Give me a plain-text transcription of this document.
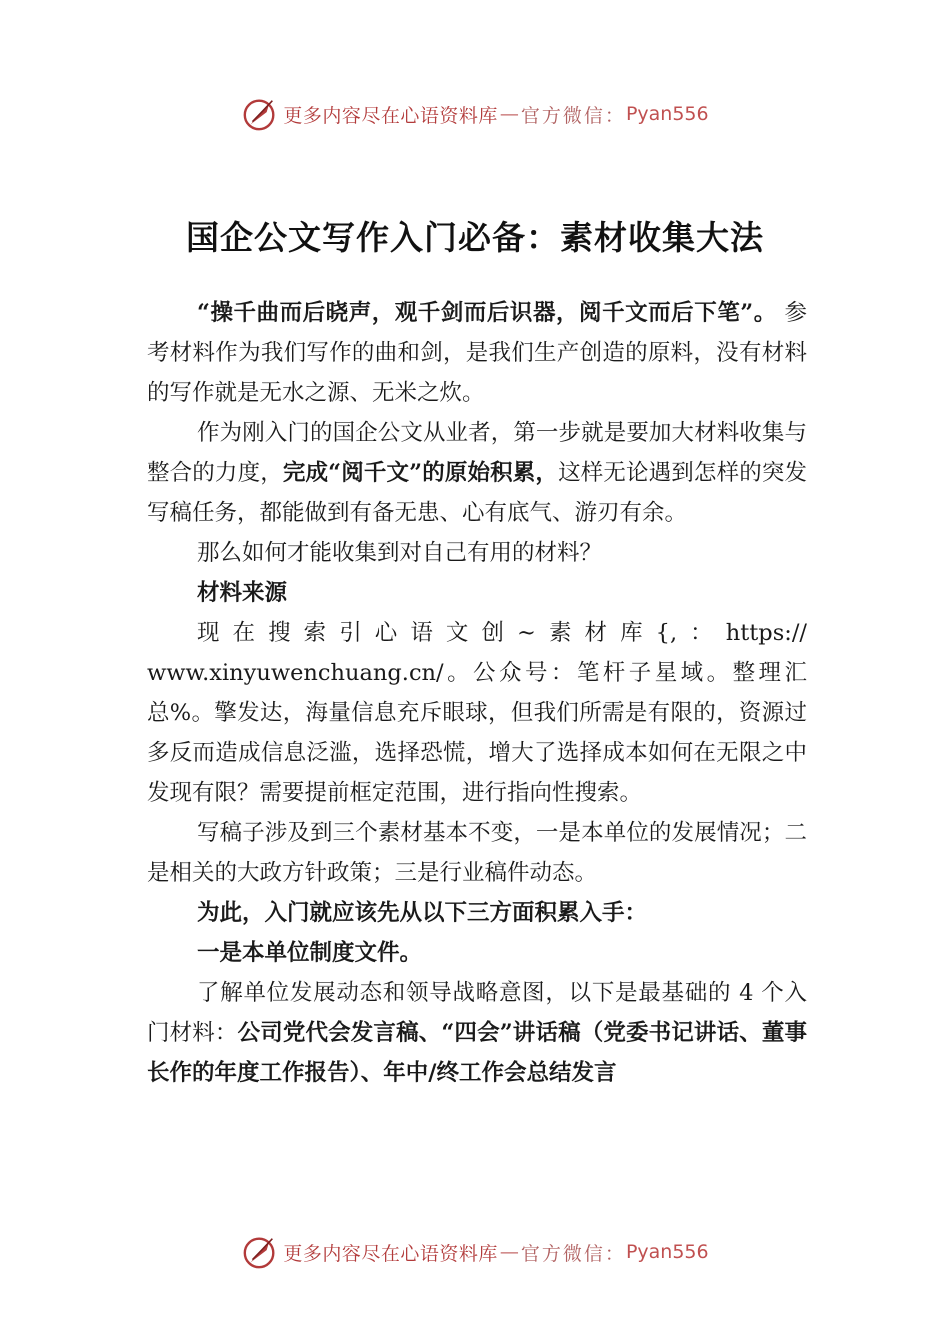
更多内容尽在心语资料库 — 官方微信： Pyan556
国企公文写作入门必备：素材收集大法

“操千曲而后晓声，观千剑而后识器，阅千文而后下笔”。 参考材料作为我们写作的曲和剑，是我们生产创造的原料，没有材料的写作就是无水之源、无米之炊。

作为刚入门的国企公文从业者，第一步就是要加大材料收集与整合的力度，完成“阅千文”的原始积累，这样无论遇到怎样的突发写稿任务，都能做到有备无患、心有底气、游刃有余。

那么如何才能收集到对自己有用的材料？

材料来源

现在搜索引心语文创~素材库{,：https://

www.xinyuwenchuang.cn/。公众号：笔杆子星域。整理汇总%。擎发达，海量信息充斥眼球，但我们所需是有限的，资源过多反而造成信息泛滥，选择恐慌，增大了选择成本如何在无限之中发现有限？需要提前框定范围，进行指向性搜索。

写稿子涉及到三个素材基本不变，一是本单位的发展情况；二是相关的大政方针政策；三是行业稿件动态。

为此，入门就应该先从以下三方面积累入手：

一是本单位制度文件。

了解单位发展动态和领导战略意图，以下是最基础的 4 个入门材料：公司党代会发言稿、“四会”讲话稿（党委书记讲话、董事长作的年度工作报告）、年中/终工作会总结发言

更多内容尽在心语资料库 — 官方微信： Pyan556
